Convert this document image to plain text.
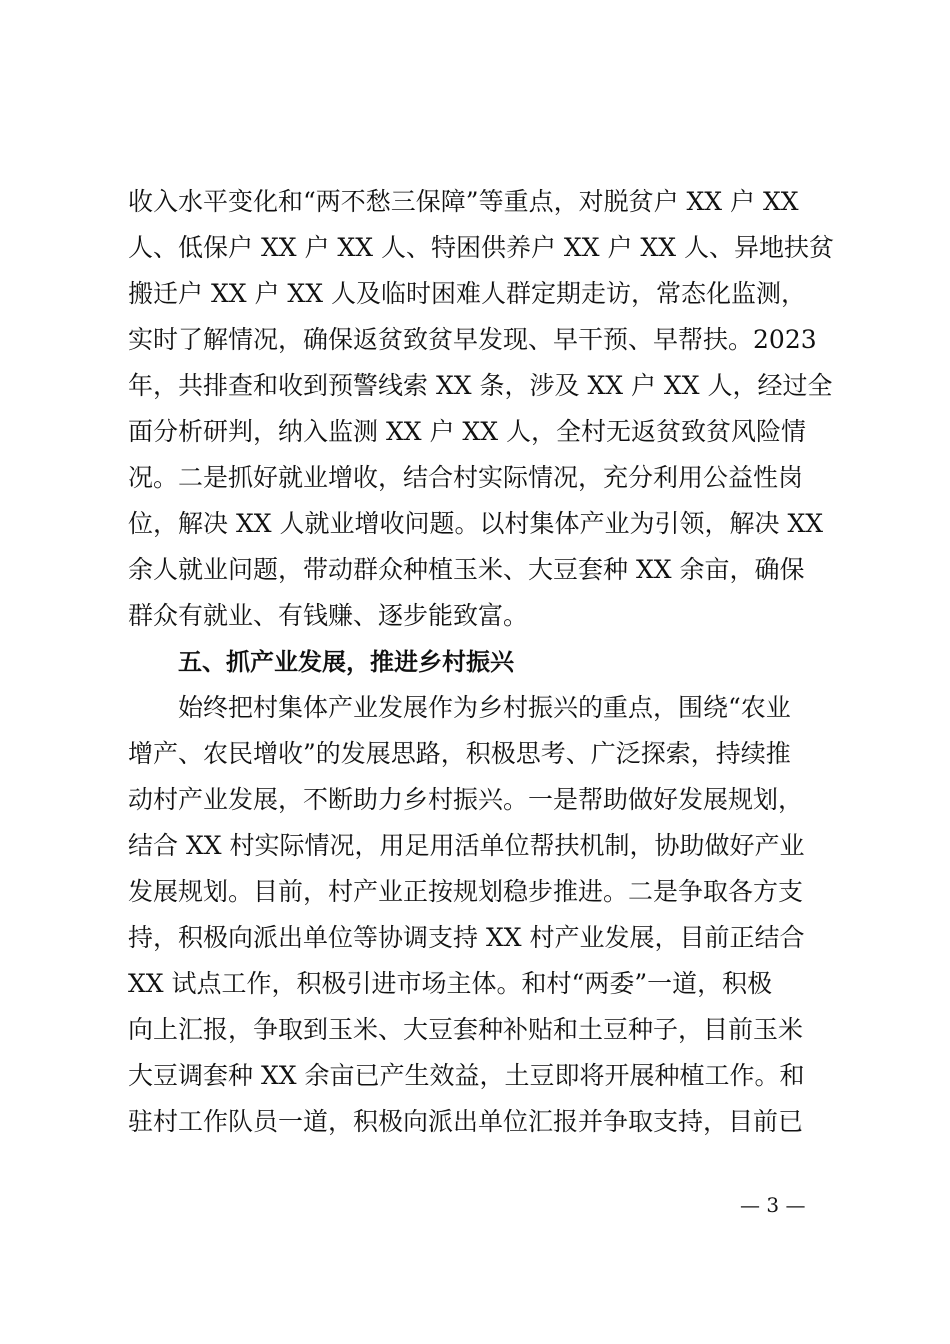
收入水平变化和“两不愁三保障”等重点，对脱贫户 XX 户 XX
人、低保户 XX 户 XX 人、特困供养户 XX 户 XX 人、异地扶贫
搬迁户 XX 户 XX 人及临时困难人群定期走访，常态化监测，
实时了解情况，确保返贫致贫早发现、早干预、早帮扶。2023
年，共排查和收到预警线索 XX 条，涉及 XX 户 XX 人，经过全
面分析研判，纳入监测 XX 户 XX 人，全村无返贫致贫风险情
况。二是抓好就业增收，结合村实际情况，充分利用公益性岗
位，解决 XX 人就业增收问题。以村集体产业为引领，解决 XX
余人就业问题，带动群众种植玉米、大豆套种 XX 余亩，确保
群众有就业、有钱赚、逐步能致富。
五、抓产业发展，推进乡村振兴
始终把村集体产业发展作为乡村振兴的重点，围绕“农业
增产、农民增收”的发展思路，积极思考、广泛探索，持续推
动村产业发展，不断助力乡村振兴。一是帮助做好发展规划，
结合 XX 村实际情况，用足用活单位帮扶机制，协助做好产业
发展规划。目前，村产业正按规划稳步推进。二是争取各方支
持，积极向派出单位等协调支持 XX 村产业发展，目前正结合
XX 试点工作，积极引进市场主体。和村“两委”一道，积极
向上汇报，争取到玉米、大豆套种补贴和土豆种子，目前玉米
大豆调套种 XX 余亩已产生效益，土豆即将开展种植工作。和
驻村工作队员一道，积极向派出单位汇报并争取支持，目前已
— 3 —
